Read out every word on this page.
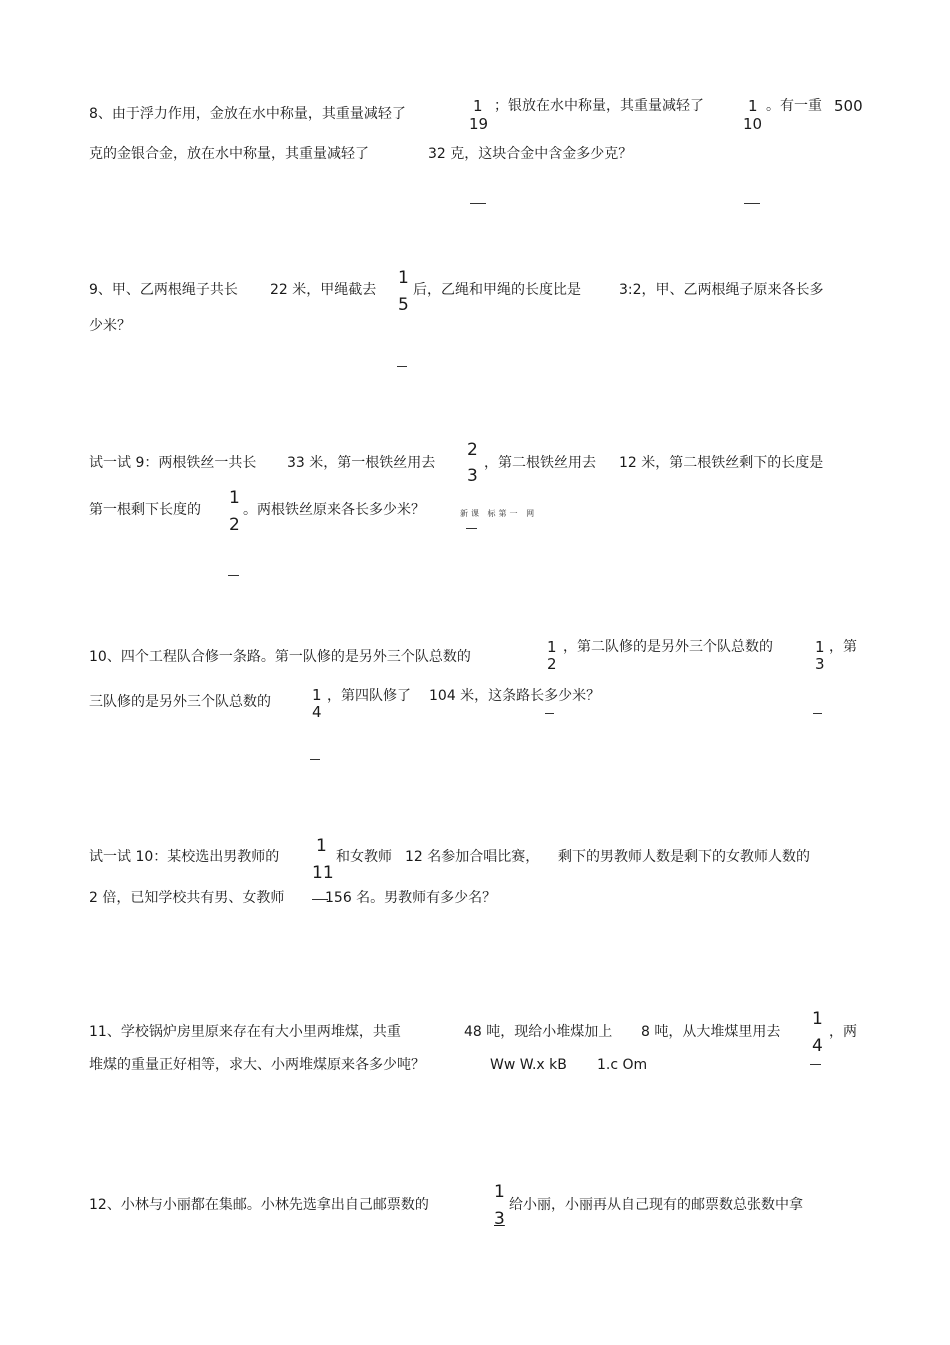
8、由于浮力作用，金放在水中称量，其重量减轻了	1
19
；银放在水中称量，其重量减轻了	1
10
。有一重 500
克的金银合金，放在水中称量，其重量减轻了	32 克，这块合金中含金多少克？
9、甲、乙两根绳子共长 22 米，甲绳截去
1
5
后，乙绳和甲绳的长度比是	3:2，甲、乙两根绳子原来各长多
少米？
试一试 9：两根铁丝一共长 33 米，第一根铁丝用去
2
3
，第二根铁丝用去 12 米，第二根铁丝剩下的长度是
第一根剩下长度的
1
2
。两根铁丝原来各长多少米？	新课 标第一 网
10、四个工程队合修一条路。第一队修的是另外三个队总数的
1
2
，第二队修的是另外三个队总数的	1
3
，第
三队修的是另外三个队总数的	1
4
，第四队修了 104 米，这条路长多少米？
试一试 10：某校选出男教师的
1
11
和女教师 12 名参加合唱比赛， 剩下的男教师人数是剩下的女教师人数的
2 倍，已知学校共有男、女教师	156 名。男教师有多少名？
11、学校锅炉房里原来存在有大小里两堆煤，共重	48 吨，现给小堆煤加上 8 吨，从大堆煤里用去
1
4
，两
堆煤的重量正好相等，求大、小两堆煤原来各多少吨？	Ww W.x kB 1.c Om
12、小林与小丽都在集邮。小林先选拿出自己邮票数的
1
3
给小丽，小丽再从自己现有的邮票数总张数中拿
